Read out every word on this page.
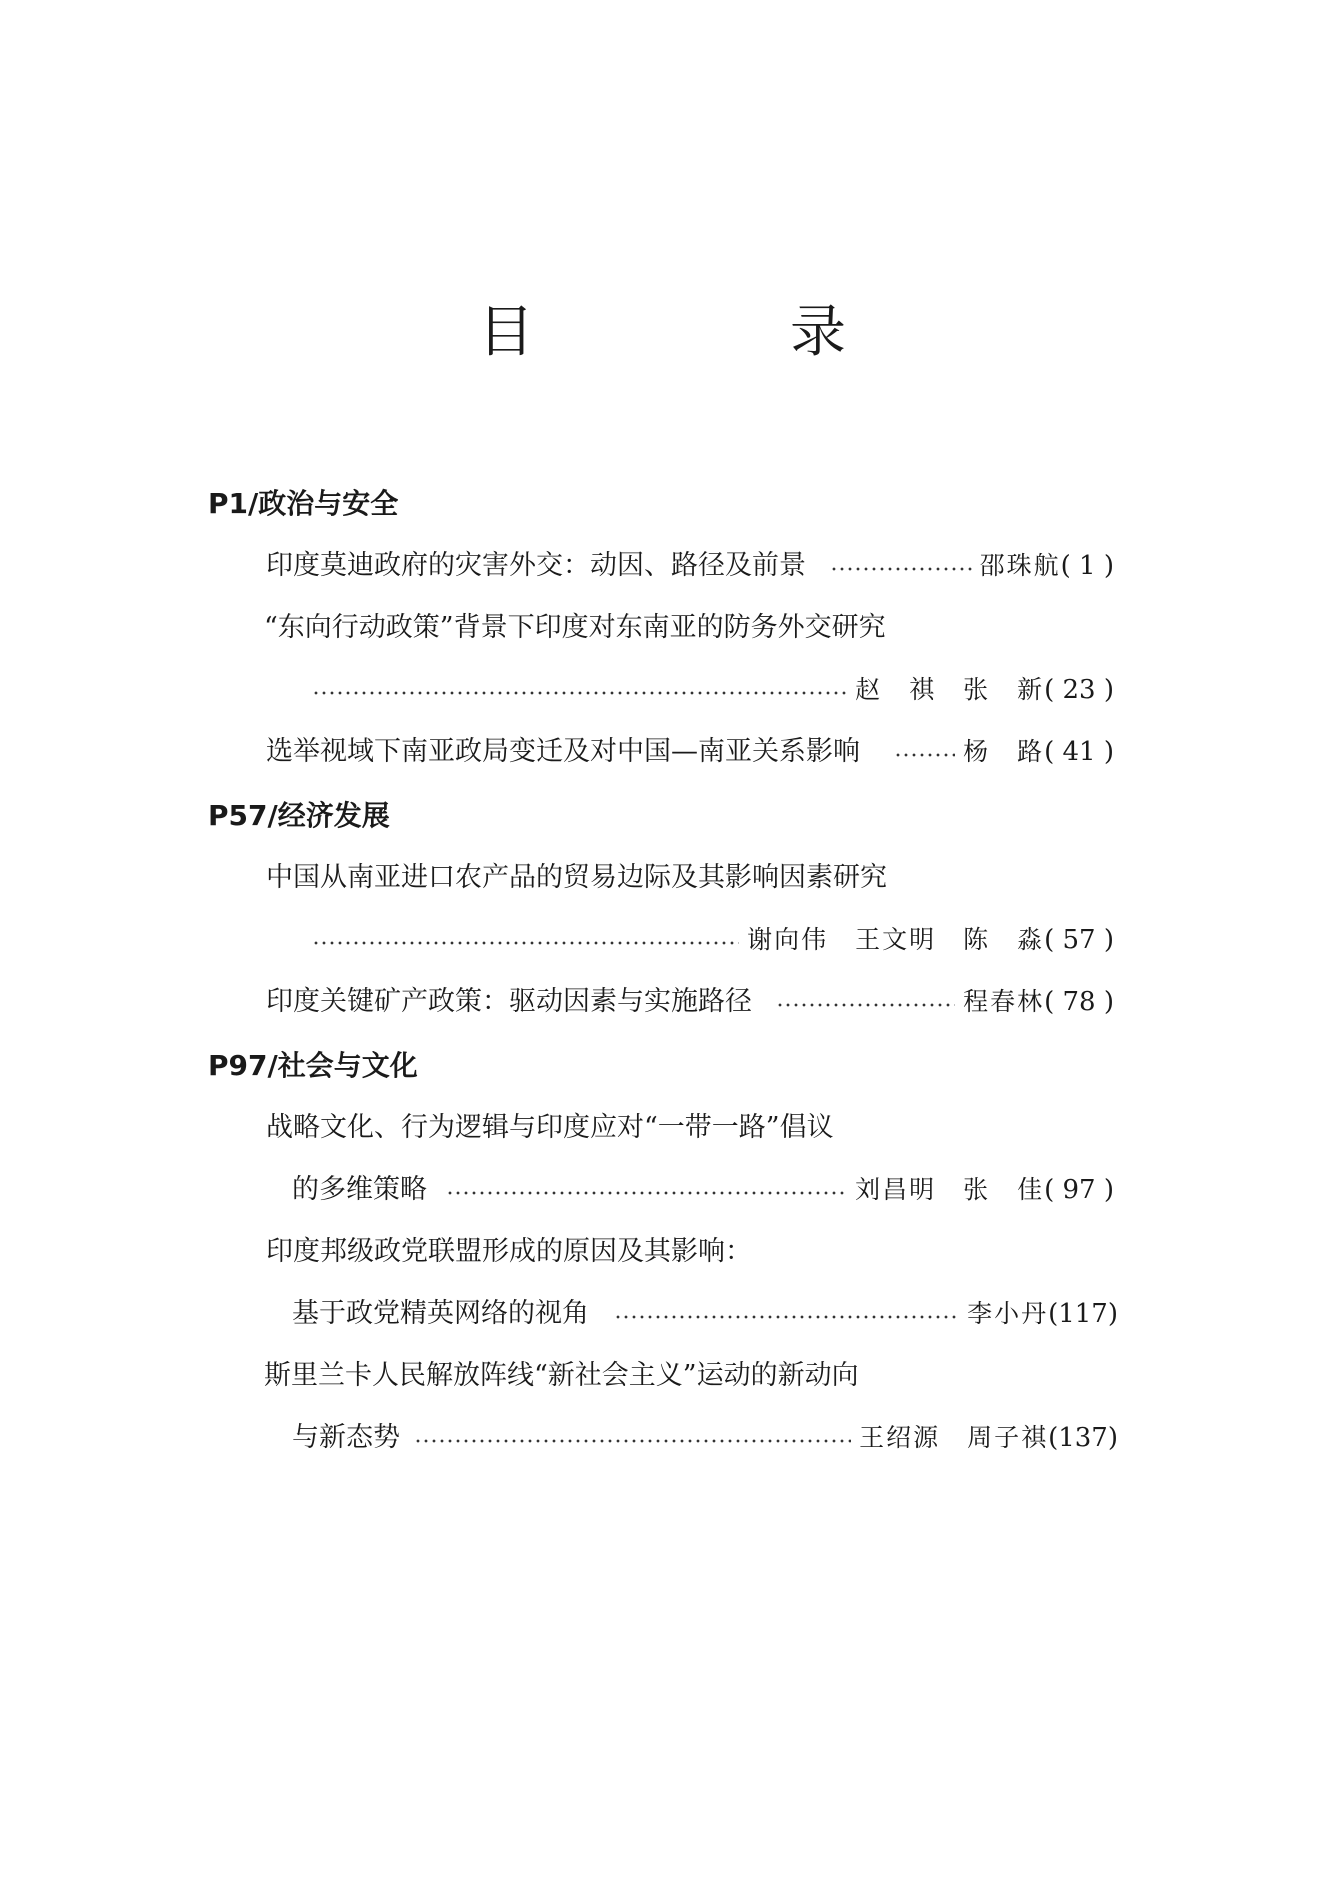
目　录
P1/政治与安全
印度莫迪政府的灾害外交：动因、路径及前景	邵珠航 ( 1 )
“东向行动政策”背景下印度对东南亚的防务外交研究
赵　祺　张　新 ( 23 )
选举视域下南亚政局变迁及对中国—南亚关系影响	杨　路 ( 41 )
P57/经济发展
中国从南亚进口农产品的贸易边际及其影响因素研究
谢向伟　王文明　陈　淼 ( 57 )
印度关键矿产政策：驱动因素与实施路径	程春林 ( 78 )
P97/社会与文化
战略文化、行为逻辑与印度应对“一带一路”倡议
的多维策略	刘昌明　张　佳 ( 97 )
印度邦级政党联盟形成的原因及其影响：
基于政党精英网络的视角	李小丹 (117)
斯里兰卡人民解放阵线“新社会主义”运动的新动向
与新态势	王绍源　周子祺 (137)
